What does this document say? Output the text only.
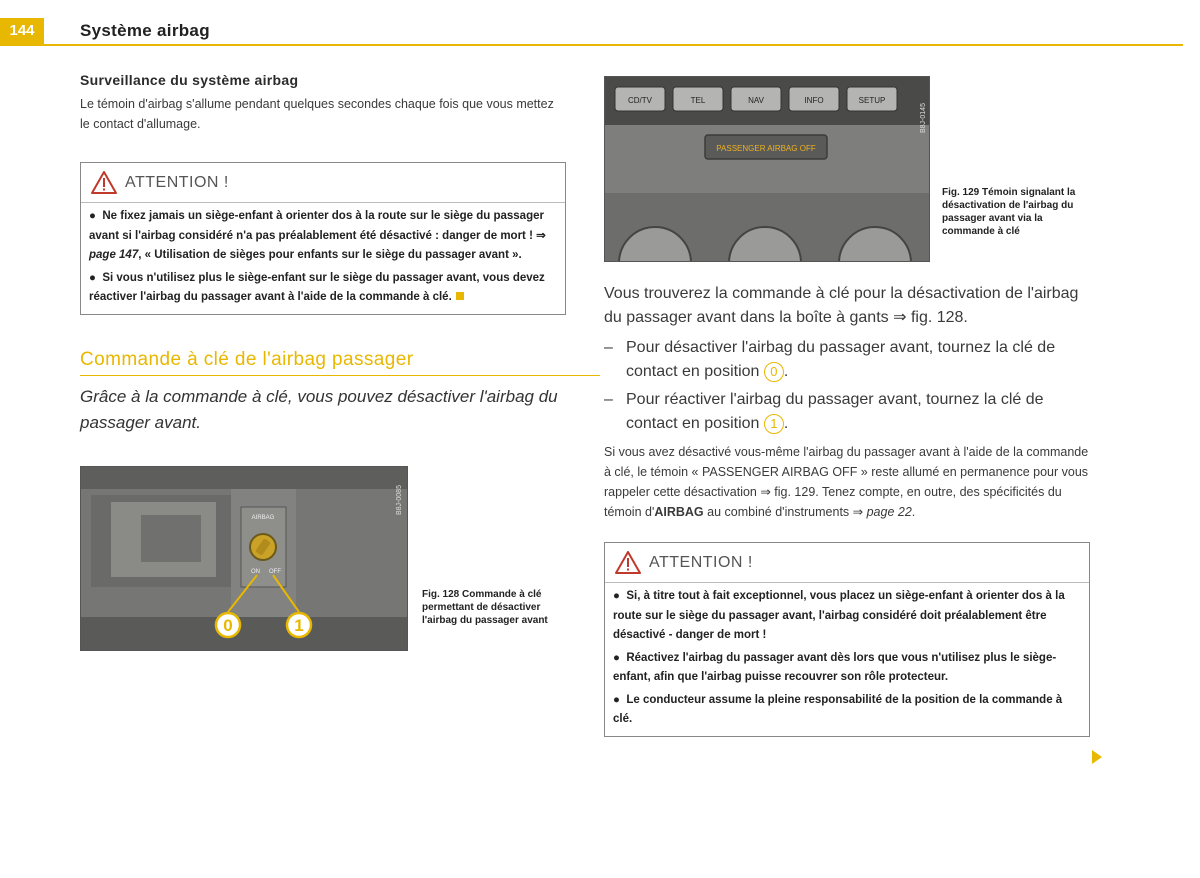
144	Système airbag
Surveillance du système airbag
Le témoin d'airbag s'allume pendant quelques secondes chaque fois que vous mettez le contact d'allumage.
ATTENTION !

●  Ne fixez jamais un siège-enfant à orienter dos à la route sur le siège du passager avant si l'airbag considéré n'a pas préalablement été désactivé : danger de mort ! ⇒ page 147, « Utilisation de sièges pour enfants sur le siège du passager avant ».

●  Si vous n'utilisez plus le siège-enfant sur le siège du passager avant, vous devez réactiver l'airbag du passager avant à l'aide de la commande à clé.

Commande à clé de l'airbag passager
Grâce à la commande à clé, vous pouvez désactiver l'airbag du passager avant.
AIRBAG
ON OFF
0	1
B8J-0085
Fig. 128 Commande à clé permettant de désactiver l'airbag du passager avant
CD/TV	TEL	NAV	INFO	SETUP
PASSENGER AIRBAG OFF
B8J-0145
Fig. 129 Témoin signalant la désactivation de l'airbag du passager avant via la commande à clé
Vous trouverez la commande à clé pour la désactivation de l'airbag du passager avant dans la boîte à gants ⇒ fig. 128.
– Pour désactiver l'airbag du passager avant, tournez la clé de contact en position 0 .
– Pour réactiver l'airbag du passager avant, tournez la clé de contact en position 1 .
Si vous avez désactivé vous-même l'airbag du passager avant à l'aide de la commande à clé, le témoin « PASSENGER AIRBAG OFF » reste allumé en permanence pour vous rappeler cette désactivation ⇒ fig. 129. Tenez compte, en outre, des spécificités du témoin d'AIRBAG au combiné d'instruments ⇒ page 22.
ATTENTION !

●  Si, à titre tout à fait exceptionnel, vous placez un siège-enfant à orienter dos à la route sur le siège du passager avant, l'airbag considéré doit préalablement être désactivé - danger de mort !

●  Réactivez l'airbag du passager avant dès lors que vous n'utilisez plus le siège-enfant, afin que l'airbag puisse recouvrer son rôle protecteur.

●  Le conducteur assume la pleine responsabilité de la position de la commande à clé.
